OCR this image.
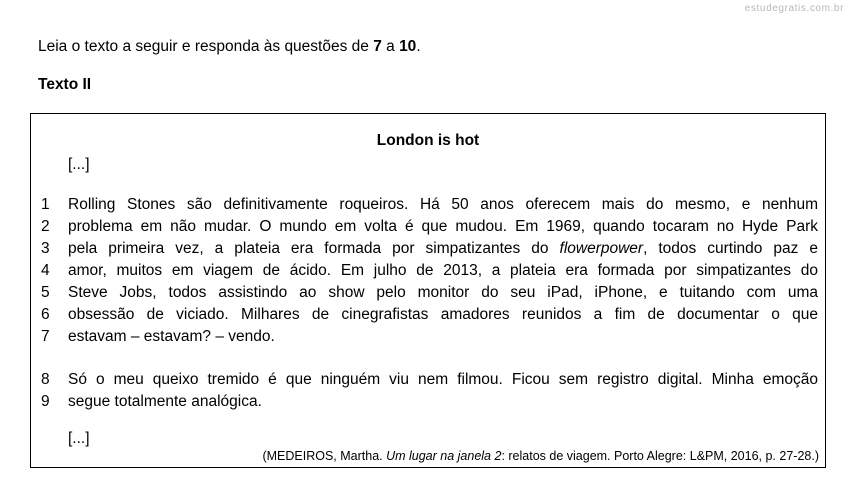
estudegratis.com.br
Leia o texto a seguir e responda às questões de 7 a 10.
Texto II
London is hot
[...]
1 Rolling Stones são definitivamente roqueiros. Há 50 anos oferecem mais do mesmo, e nenhum
2 problema em não mudar. O mundo em volta é que mudou. Em 1969, quando tocaram no Hyde Park
3 pela primeira vez, a plateia era formada por simpatizantes do flowerpower, todos curtindo paz e
4 amor, muitos em viagem de ácido. Em julho de 2013, a plateia era formada por simpatizantes do
5 Steve Jobs, todos assistindo ao show pelo monitor do seu iPad, iPhone, e tuitando com uma
6 obsessão de viciado. Milhares de cinegrafistas amadores reunidos a fim de documentar o que
7 estavam – estavam? – vendo.
8 Só o meu queixo tremido é que ninguém viu nem filmou. Ficou sem registro digital. Minha emoção
9 segue totalmente analógica.
[...]
(MEDEIROS, Martha. Um lugar na janela 2: relatos de viagem. Porto Alegre: L&PM, 2016, p. 27-28.)
